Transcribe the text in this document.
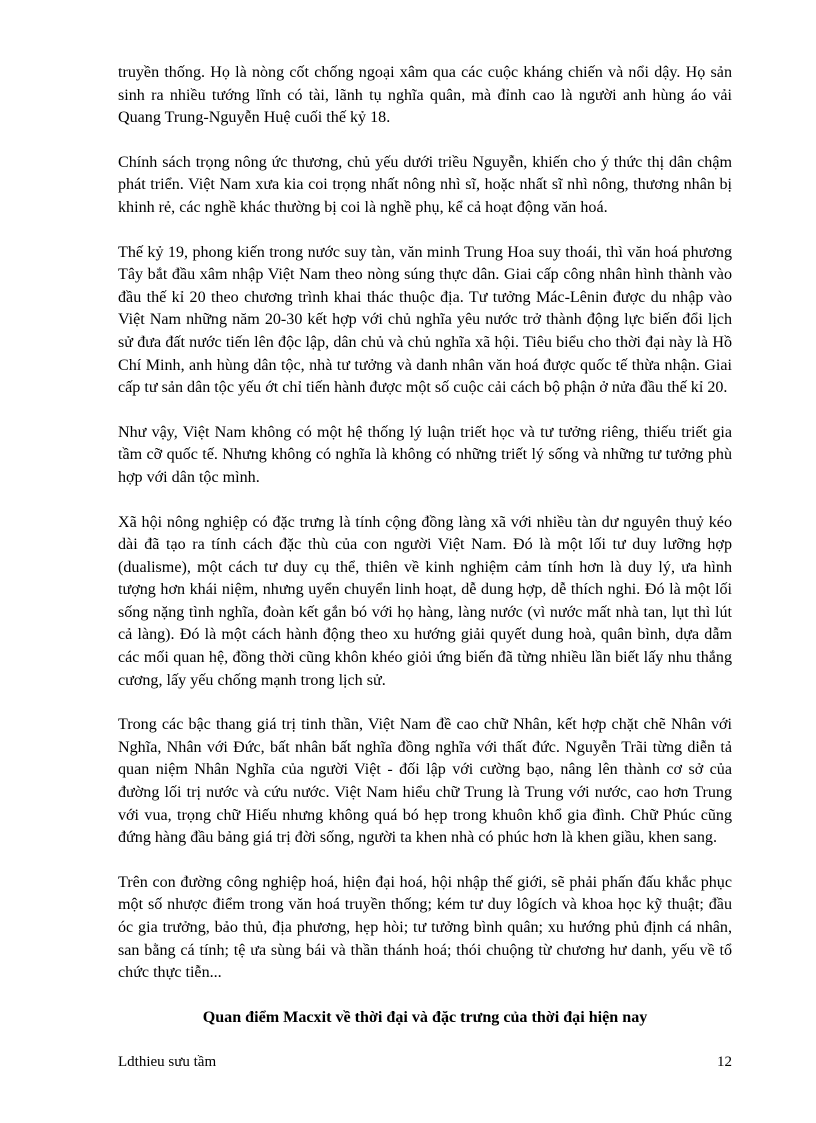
truyền thống. Họ là nòng cốt chống ngoại xâm qua các cuộc kháng chiến và nổi dậy. Họ sản sinh ra nhiều tướng lĩnh có tài, lãnh tụ nghĩa quân, mà đỉnh cao là người anh hùng áo vải Quang Trung-Nguyễn Huệ cuối thế kỷ 18.

Chính sách trọng nông ức thương, chủ yếu dưới triều Nguyễn, khiến cho ý thức thị dân chậm phát triển. Việt Nam xưa kia coi trọng nhất nông nhì sĩ, hoặc nhất sĩ nhì nông, thương nhân bị khinh rẻ, các nghề khác thường bị coi là nghề phụ, kể cả hoạt động văn hoá.

Thế kỷ 19, phong kiến trong nước suy tàn, văn minh Trung Hoa suy thoái, thì văn hoá phương Tây bắt đầu xâm nhập Việt Nam theo nòng súng thực dân. Giai cấp công nhân hình thành vào đầu thế kỉ 20 theo chương trình khai thác thuộc địa. Tư tưởng Mác-Lênin được du nhập vào Việt Nam những năm 20-30 kết hợp với chủ nghĩa yêu nước trở thành động lực biến đổi lịch sử đưa đất nước tiến lên độc lập, dân chủ và chủ nghĩa xã hội. Tiêu biểu cho thời đại này là Hồ Chí Minh, anh hùng dân tộc, nhà tư tưởng và danh nhân văn hoá được quốc tế thừa nhận. Giai cấp tư sản dân tộc yếu ớt chỉ tiến hành được một số cuộc cải cách bộ phận ở nửa đầu thế kỉ 20.

Như vậy, Việt Nam không có một hệ thống lý luận triết học và tư tưởng riêng, thiếu triết gia tầm cỡ quốc tế. Nhưng không có nghĩa là không có những triết lý sống và những tư tưởng phù hợp với dân tộc mình.

Xã hội nông nghiệp có đặc trưng là tính cộng đồng làng xã với nhiều tàn dư nguyên thuỷ kéo dài đã tạo ra tính cách đặc thù của con người Việt Nam. Đó là một lối tư duy lưỡng hợp (dualisme), một cách tư duy cụ thể, thiên về kinh nghiệm cảm tính hơn là duy lý, ưa hình tượng hơn khái niệm, nhưng uyển chuyển linh hoạt, dễ dung hợp, dễ thích nghi. Đó là một lối sống nặng tình nghĩa, đoàn kết gắn bó với họ hàng, làng nước (vì nước mất nhà tan, lụt thì lút cả làng). Đó là một cách hành động theo xu hướng giải quyết dung hoà, quân bình, dựa dẫm các mối quan hệ, đồng thời cũng khôn khéo giỏi ứng biến đã từng nhiều lần biết lấy nhu thắng cương, lấy yếu chống mạnh trong lịch sử.

Trong các bậc thang giá trị tinh thần, Việt Nam đề cao chữ Nhân, kết hợp chặt chẽ Nhân với Nghĩa, Nhân với Đức, bất nhân bất nghĩa đồng nghĩa với thất đức. Nguyễn Trãi từng diễn tả quan niệm Nhân Nghĩa của người Việt - đối lập với cường bạo, nâng lên thành cơ sở của đường lối trị nước và cứu nước. Việt Nam hiểu chữ Trung là Trung với nước, cao hơn Trung với vua, trọng chữ Hiếu nhưng không quá bó hẹp trong khuôn khổ gia đình. Chữ Phúc cũng đứng hàng đầu bảng giá trị đời sống, người ta khen nhà có phúc hơn là khen giầu, khen sang.

Trên con đường công nghiệp hoá, hiện đại hoá, hội nhập thế giới, sẽ phải phấn đấu khắc phục một số nhược điểm trong văn hoá truyền thống; kém tư duy lôgích và khoa học kỹ thuật; đầu óc gia trưởng, bảo thủ, địa phương, hẹp hòi; tư tưởng bình quân; xu hướng phủ định cá nhân, san bằng cá tính; tệ ưa sùng bái và thần thánh hoá; thói chuộng từ chương hư danh, yếu về tổ chức thực tiễn...

Quan điểm Macxit về thời đại và đặc trưng của thời đại hiện nay

Ldthieu sưu tầm	12
